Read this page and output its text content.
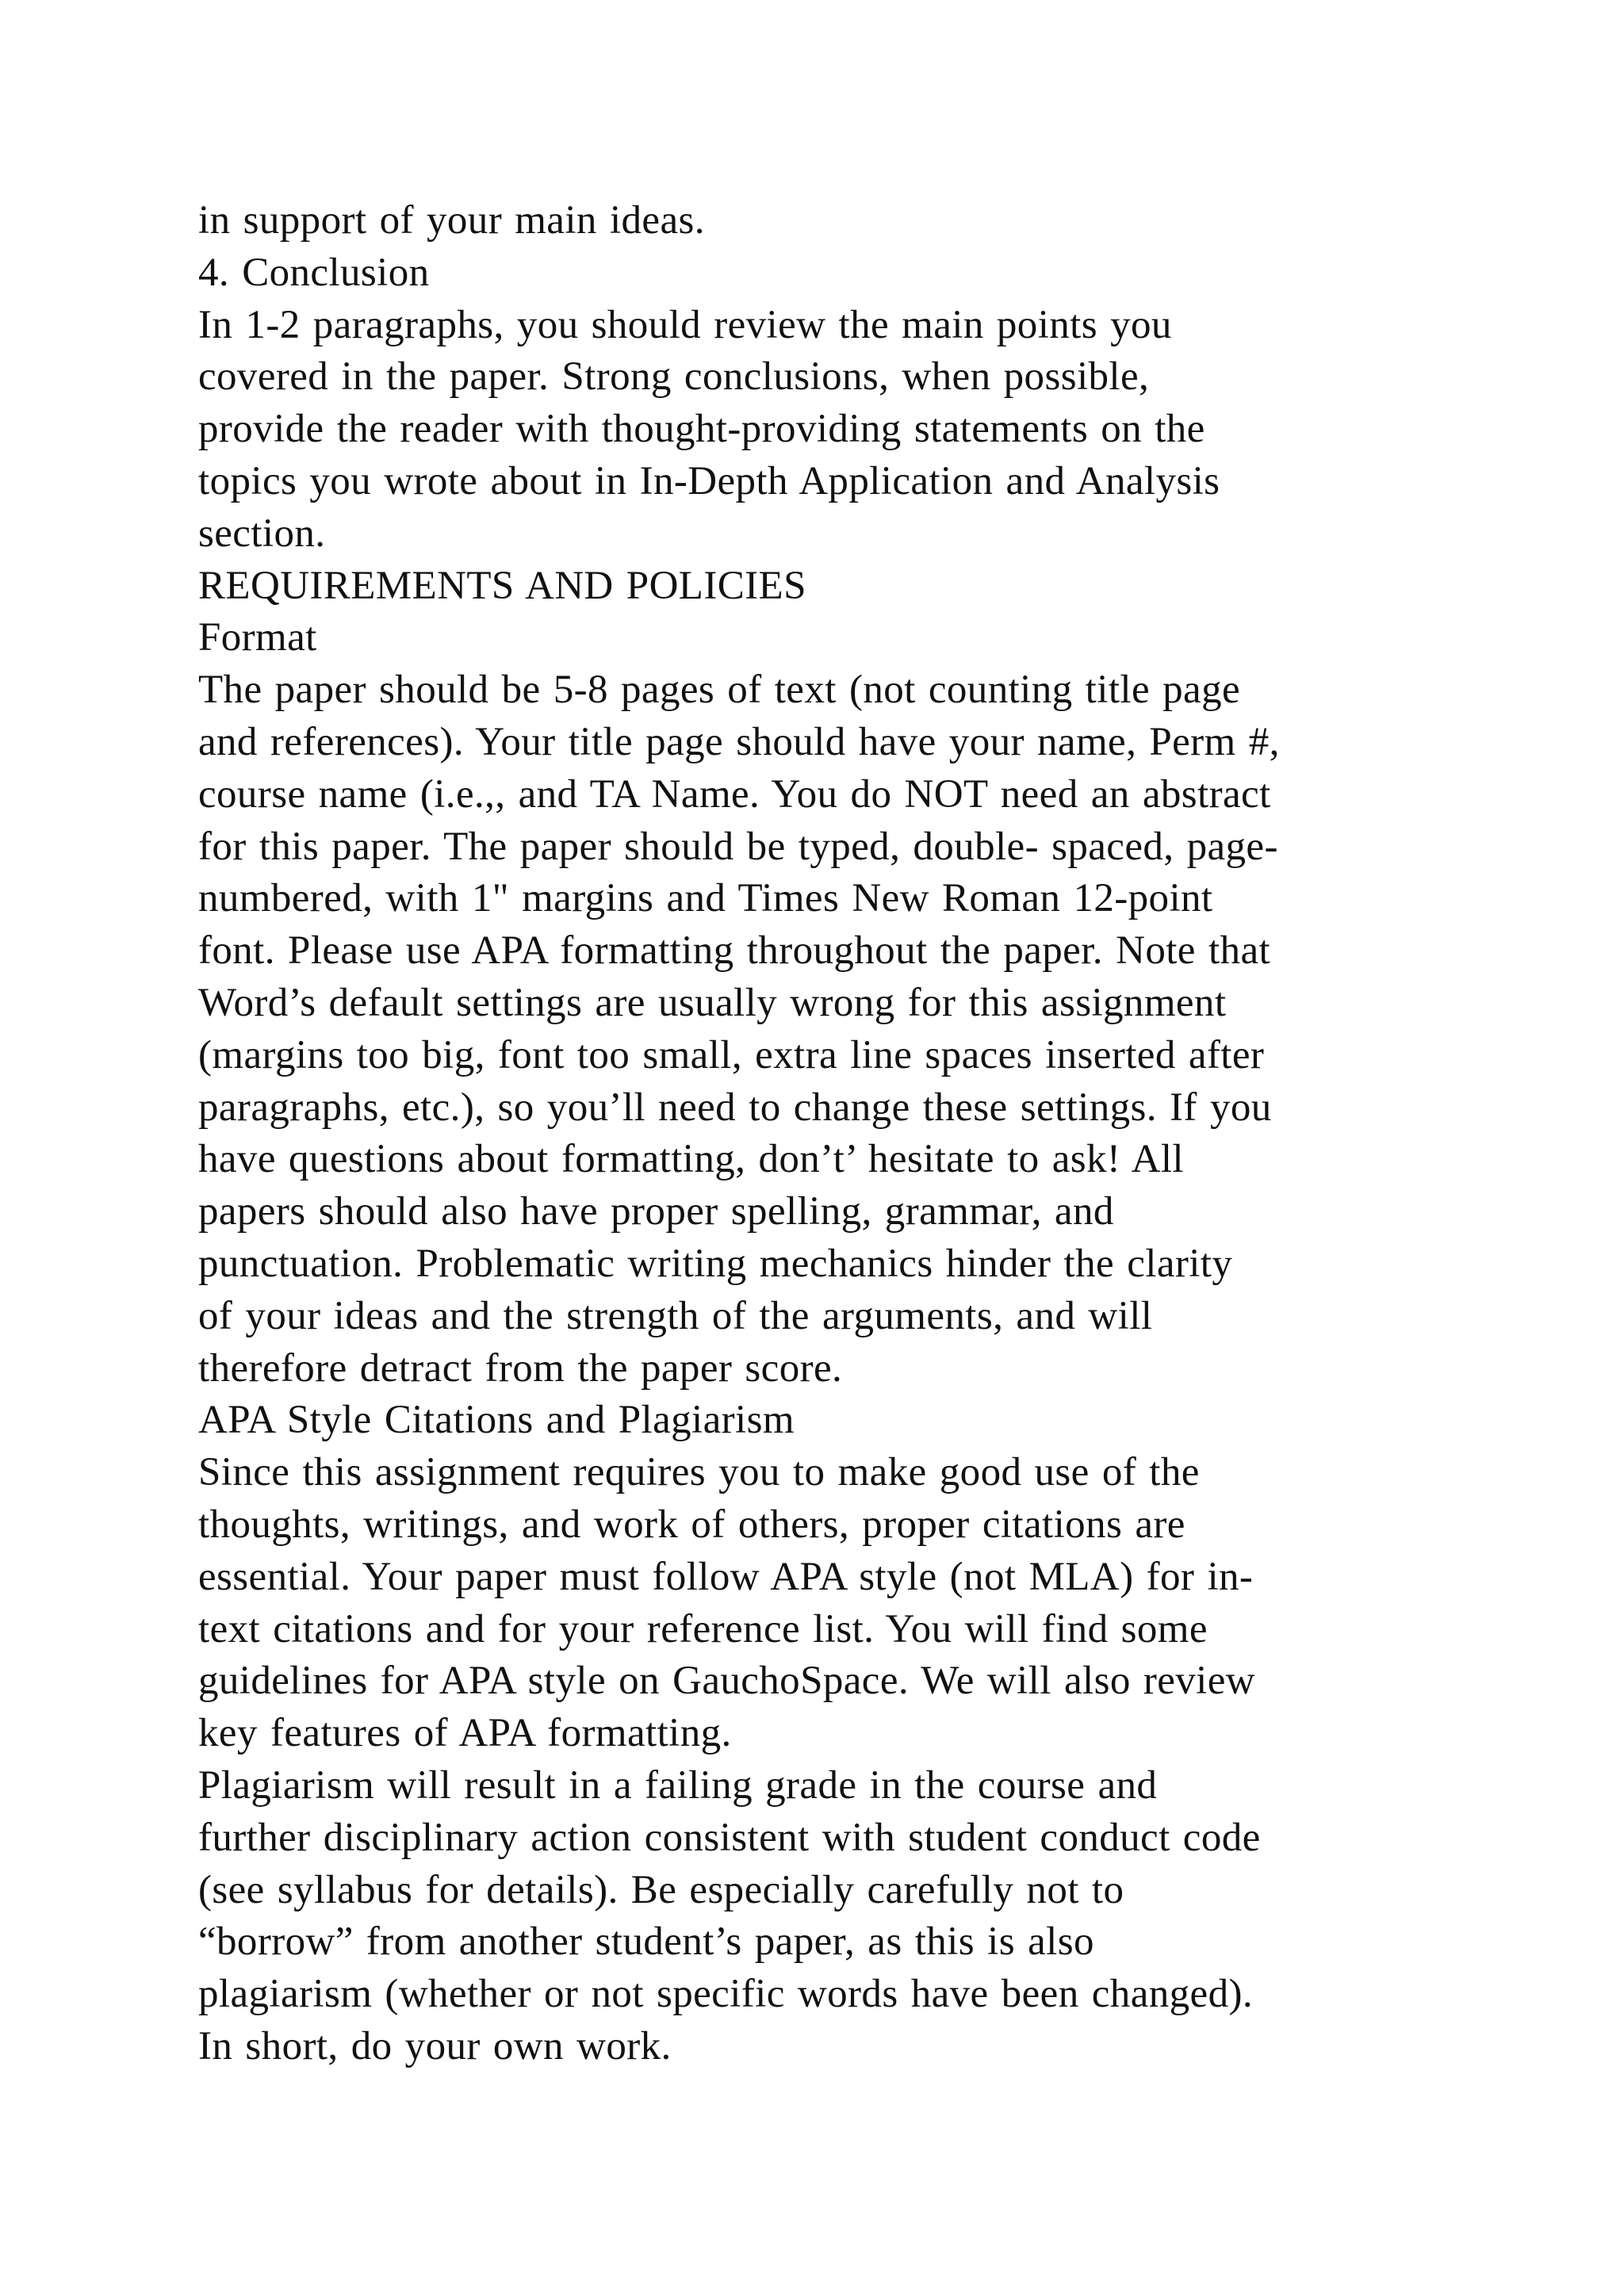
in support of your main ideas.
4. Conclusion
In 1-2 paragraphs, you should review the main points you
covered in the paper. Strong conclusions, when possible,
provide the reader with thought-providing statements on the
topics you wrote about in In-Depth Application and Analysis
section.
REQUIREMENTS AND POLICIES
Format
The paper should be 5-8 pages of text (not counting title page
and references). Your title page should have your name, Perm #,
course name (i.e.,, and TA Name. You do NOT need an abstract
for this paper. The paper should be typed, double- spaced, page-
numbered, with 1" margins and Times New Roman 12-point
font. Please use APA formatting throughout the paper. Note that
Word’s default settings are usually wrong for this assignment
(margins too big, font too small, extra line spaces inserted after
paragraphs, etc.), so you’ll need to change these settings. If you
have questions about formatting, don’t’ hesitate to ask! All
papers should also have proper spelling, grammar, and
punctuation. Problematic writing mechanics hinder the clarity
of your ideas and the strength of the arguments, and will
therefore detract from the paper score.
APA Style Citations and Plagiarism
Since this assignment requires you to make good use of the
thoughts, writings, and work of others, proper citations are
essential. Your paper must follow APA style (not MLA) for in-
text citations and for your reference list. You will find some
guidelines for APA style on GauchoSpace. We will also review
key features of APA formatting.
Plagiarism will result in a failing grade in the course and
further disciplinary action consistent with student conduct code
(see syllabus for details). Be especially carefully not to
“borrow” from another student’s paper, as this is also
plagiarism (whether or not specific words have been changed).
In short, do your own work.
